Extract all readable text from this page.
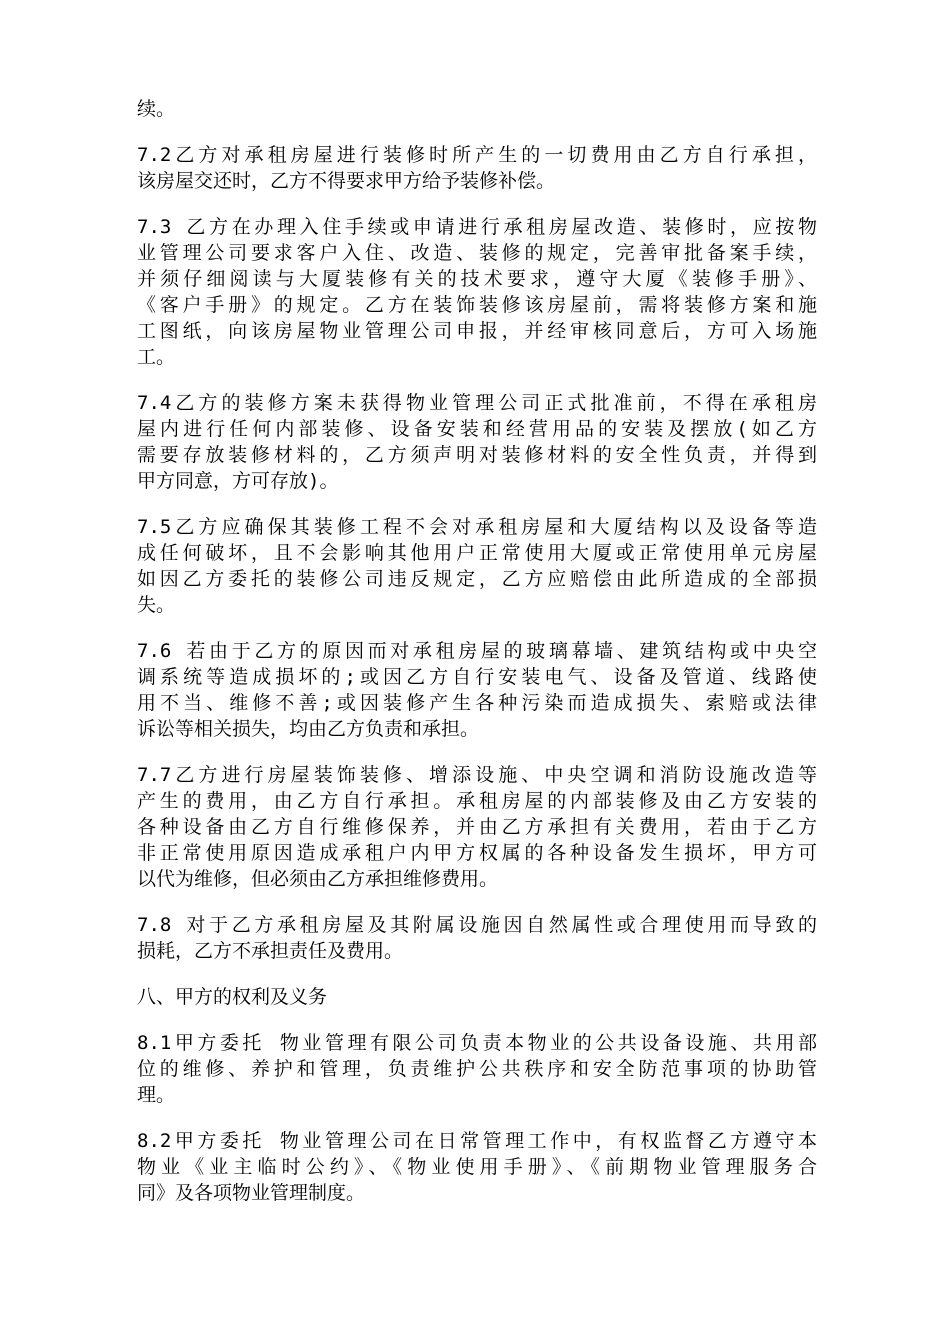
续。
7.2乙方对承租房屋进行装修时所产生的一切费用由乙方自行承担，
该房屋交还时，乙方不得要求甲方给予装修补偿。
7.3 乙方在办理入住手续或申请进行承租房屋改造、装修时，应按物
业管理公司要求客户入住、改造、装修的规定，完善审批备案手续，
并须仔细阅读与大厦装修有关的技术要求，遵守大厦《装修手册》、
《客户手册》的规定。乙方在装饰装修该房屋前，需将装修方案和施
工图纸，向该房屋物业管理公司申报，并经审核同意后，方可入场施
工。
7.4乙方的装修方案未获得物业管理公司正式批准前，不得在承租房
屋内进行任何内部装修、设备安装和经营用品的安装及摆放(如乙方
需要存放装修材料的，乙方须声明对装修材料的安全性负责，并得到
甲方同意，方可存放)。
7.5乙方应确保其装修工程不会对承租房屋和大厦结构以及设备等造
成任何破坏，且不会影响其他用户正常使用大厦或正常使用单元房屋
如因乙方委托的装修公司违反规定，乙方应赔偿由此所造成的全部损
失。
7.6 若由于乙方的原因而对承租房屋的玻璃幕墙、建筑结构或中央空
调系统等造成损坏的;或因乙方自行安装电气、设备及管道、线路使
用不当、维修不善;或因装修产生各种污染而造成损失、索赔或法律
诉讼等相关损失，均由乙方负责和承担。
7.7乙方进行房屋装饰装修、增添设施、中央空调和消防设施改造等
产生的费用，由乙方自行承担。承租房屋的内部装修及由乙方安装的
各种设备由乙方自行维修保养，并由乙方承担有关费用，若由于乙方
非正常使用原因造成承租户内甲方权属的各种设备发生损坏，甲方可
以代为维修，但必须由乙方承担维修费用。
7.8 对于乙方承租房屋及其附属设施因自然属性或合理使用而导致的
损耗，乙方不承担责任及费用。
八、甲方的权利及义务
8.1甲方委托 物业管理有限公司负责本物业的公共设备设施、共用部
位的维修、养护和管理，负责维护公共秩序和安全防范事项的协助管
理。
8.2甲方委托 物业管理公司在日常管理工作中，有权监督乙方遵守本
物业《业主临时公约》、《物业使用手册》、《前期物业管理服务合
同》及各项物业管理制度。
